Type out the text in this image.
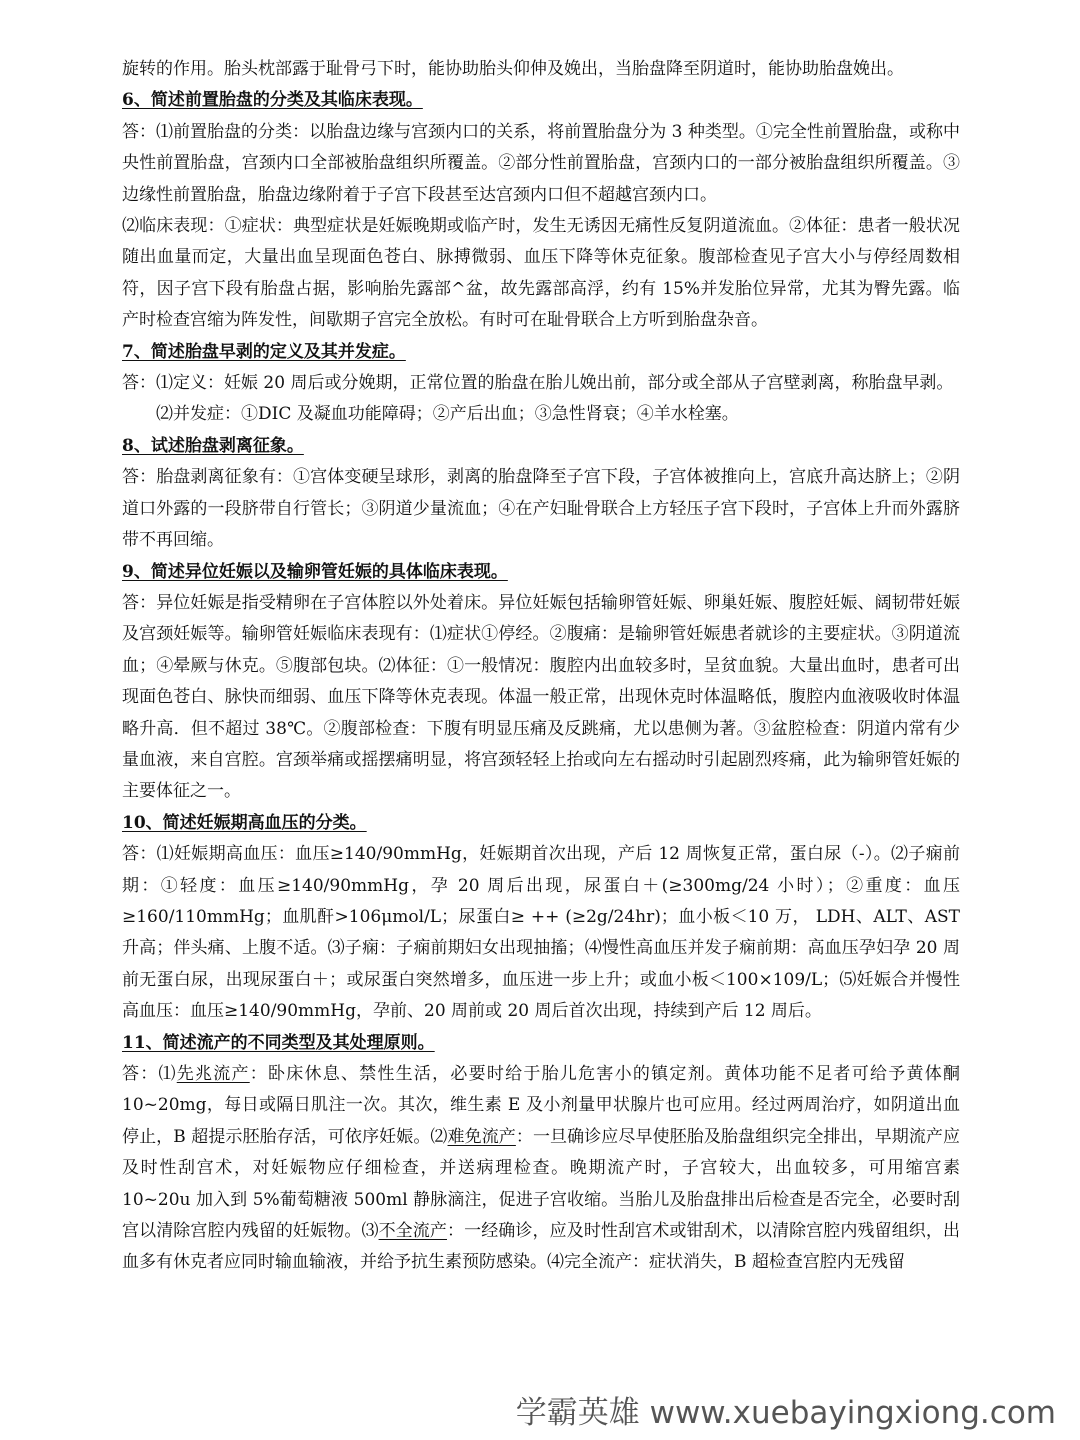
旋转的作用。胎头枕部露于耻骨弓下时，能协助胎头仰伸及娩出，当胎盘降至阴道时，能协助胎盘娩出。

6、简述前置胎盘的分类及其临床表现。

答：⑴前置胎盘的分类：以胎盘边缘与宫颈内口的关系，将前置胎盘分为 3 种类型。①完全性前置胎盘，或称中央性前置胎盘，宫颈内口全部被胎盘组织所覆盖。②部分性前置胎盘，宫颈内口的一部分被胎盘组织所覆盖。③边缘性前置胎盘，胎盘边缘附着于子宫下段甚至达宫颈内口但不超越宫颈内口。

⑵临床表现：①症状：典型症状是妊娠晚期或临产时，发生无诱因无痛性反复阴道流血。②体征：患者一般状况随出血量而定，大量出血呈现面色苍白、脉搏微弱、血压下降等休克征象。腹部检查见子宫大小与停经周数相符，因子宫下段有胎盘占据，影响胎先露部^盆，故先露部高浮，约有 15%并发胎位异常，尤其为臀先露。临产时检查宫缩为阵发性，间歇期子宫完全放松。有时可在耻骨联合上方听到胎盘杂音。

7、简述胎盘早剥的定义及其并发症。

答：⑴定义：妊娠 20 周后或分娩期，正常位置的胎盘在胎儿娩出前，部分或全部从子宫壁剥离，称胎盘早剥。

⑵并发症：①DIC 及凝血功能障碍；②产后出血；③急性肾衰；④羊水栓塞。

8、试述胎盘剥离征象。

答：胎盘剥离征象有：①宫体变硬呈球形，剥离的胎盘降至子宫下段，子宫体被推向上，宫底升高达脐上；②阴道口外露的一段脐带自行管长；③阴道少量流血；④在产妇耻骨联合上方轻压子宫下段时，子宫体上升而外露脐带不再回缩。

9、简述异位妊娠以及输卵管妊娠的具体临床表现。

答：异位妊娠是指受精卵在子宫体腔以外处着床。异位妊娠包括输卵管妊娠、卵巢妊娠、腹腔妊娠、阔韧带妊娠及宫颈妊娠等。输卵管妊娠临床表现有：⑴症状①停经。②腹痛：是输卵管妊娠患者就诊的主要症状。③阴道流血；④晕厥与休克。⑤腹部包块。⑵体征：①一般情况：腹腔内出血较多时，呈贫血貌。大量出血时，患者可出现面色苍白、脉快而细弱、血压下降等休克表现。体温一般正常，出现休克时体温略低，腹腔内血液吸收时体温略升高．但不超过 38℃。②腹部检查：下腹有明显压痛及反跳痛，尤以患侧为著。③盆腔检查：阴道内常有少量血液，来自宫腔。宫颈举痛或摇摆痛明显，将宫颈轻轻上抬或向左右摇动时引起剧烈疼痛，此为输卵管妊娠的主要体征之一。

10、简述妊娠期高血压的分类。

答：⑴妊娠期高血压：血压≥140/90mmHg，妊娠期首次出现，产后 12 周恢复正常，蛋白尿（-）。⑵子痫前期：①轻度：血压≥140/90mmHg，孕 20 周后出现，尿蛋白＋(≥300mg/24 小时）；②重度：血压≥160/110mmHg；血肌酐>106μmol/L；尿蛋白≥ ++ (≥2g/24hr)；血小板＜10 万， LDH、ALT、AST 升高；伴头痛、上腹不适。⑶子痫：子痫前期妇女出现抽搐；⑷慢性高血压并发子痫前期：高血压孕妇孕 20 周前无蛋白尿，出现尿蛋白＋；或尿蛋白突然增多，血压进一步上升；或血小板＜100×109/L；⑸妊娠合并慢性高血压：血压≥140/90mmHg，孕前、20 周前或 20 周后首次出现，持续到产后 12 周后。

11、简述流产的不同类型及其处理原则。

答：⑴先兆流产：卧床休息、禁性生活，必要时给于胎儿危害小的镇定剂。黄体功能不足者可给予黄体酮 10~20mg，每日或隔日肌注一次。其次，维生素 E 及小剂量甲状腺片也可应用。经过两周治疗，如阴道出血停止，B 超提示胚胎存活，可依序妊娠。⑵难免流产：一旦确诊应尽早使胚胎及胎盘组织完全排出，早期流产应及时性刮宫术，对妊娠物应仔细检查，并送病理检查。晚期流产时，子宫较大，出血较多，可用缩宫素 10~20u 加入到 5%葡萄糖液 500ml 静脉滴注，促进子宫收缩。当胎儿及胎盘排出后检查是否完全，必要时刮宫以清除宫腔内残留的妊娠物。⑶不全流产：一经确诊，应及时性刮宫术或钳刮术，以清除宫腔内残留组织，出血多有休克者应同时输血输液，并给予抗生素预防感染。⑷完全流产：症状消失，B 超检查宫腔内无残留

学霸英雄 www.xuebayingxiong.com
